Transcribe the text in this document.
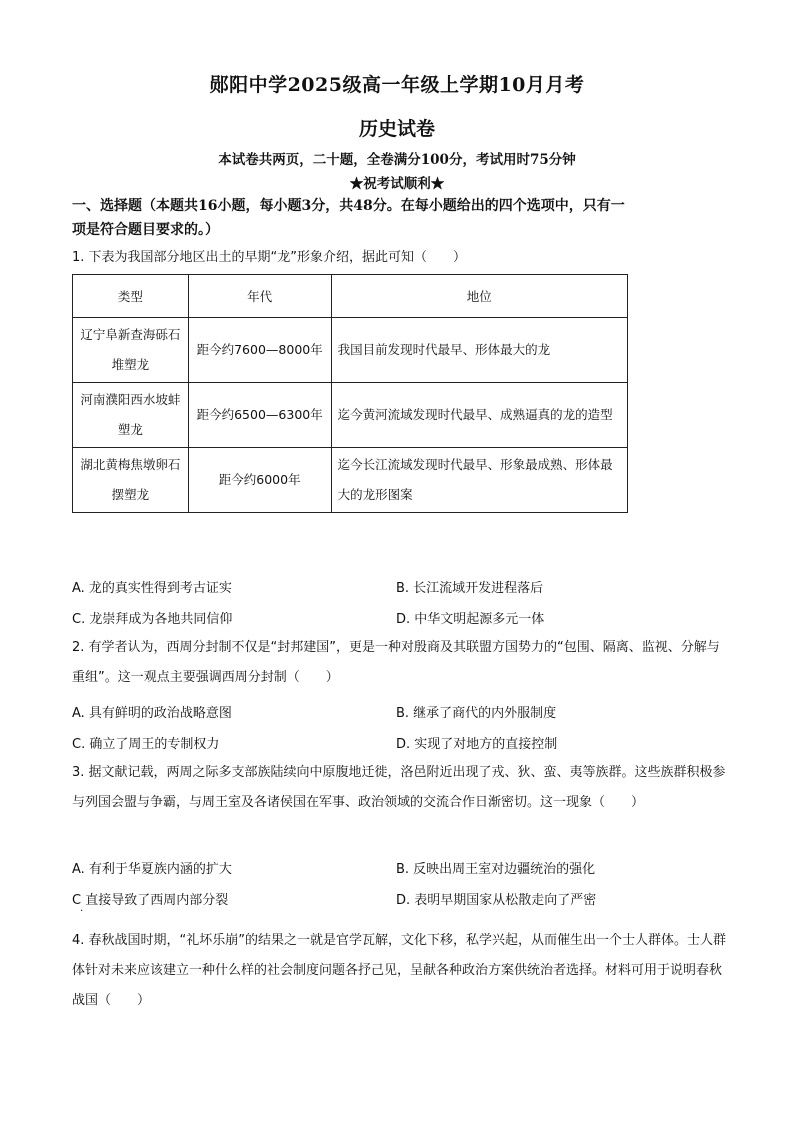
郧阳中学2025级高一年级上学期10月月考
历史试卷
本试卷共两页，二十题，全卷满分100分，考试用时75分钟
★祝考试顺利★
一、选择题（本题共16小题，每小题3分，共48分。在每小题给出的四个选项中，只有一
项是符合题目要求的。）
1. 下表为我国部分地区出土的早期“龙”形象介绍，据此可知（　　）
类型	年代	地位
辽宁阜新查海砾石堆塑龙	距今约7600—8000年	我国目前发现时代最早、形体最大的龙
河南濮阳西水坡蚌塑龙	距今约6500—6300年	迄今黄河流域发现时代最早、成熟逼真的龙的造型
湖北黄梅焦墩卵石摆塑龙	距今约6000年	迄今长江流域发现时代最早、形象最成熟、形体最大的龙形图案
A. 龙的真实性得到考古证实	B. 长江流域开发进程落后
C. 龙崇拜成为各地共同信仰	D. 中华文明起源多元一体
2. 有学者认为，西周分封制不仅是“封邦建国”，更是一种对殷商及其联盟方国势力的“包围、隔离、监视、分解与重组”。这一观点主要强调西周分封制（　　）
A. 具有鲜明的政治战略意图	B. 继承了商代的内外服制度
C. 确立了周王的专制权力	D. 实现了对地方的直接控制
3. 据文献记载，两周之际多支部族陆续向中原腹地迁徙，洛邑附近出现了戎、狄、蛮、夷等族群。这些族群积极参与列国会盟与争霸，与周王室及各诸侯国在军事、政治领域的交流合作日渐密切。这一现象（　　）
A. 有利于华夏族内涵的扩大	B. 反映出周王室对边疆统治的强化
C 直接导致了西周内部分裂	D. 表明早期国家从松散走向了严密
·
4. 春秋战国时期，“礼坏乐崩”的结果之一就是官学瓦解，文化下移，私学兴起，从而催生出一个士人群体。士人群体针对未来应该建立一种什么样的社会制度问题各抒己见，呈献各种政治方案供统治者选择。材料可用于说明春秋战国（　　）
